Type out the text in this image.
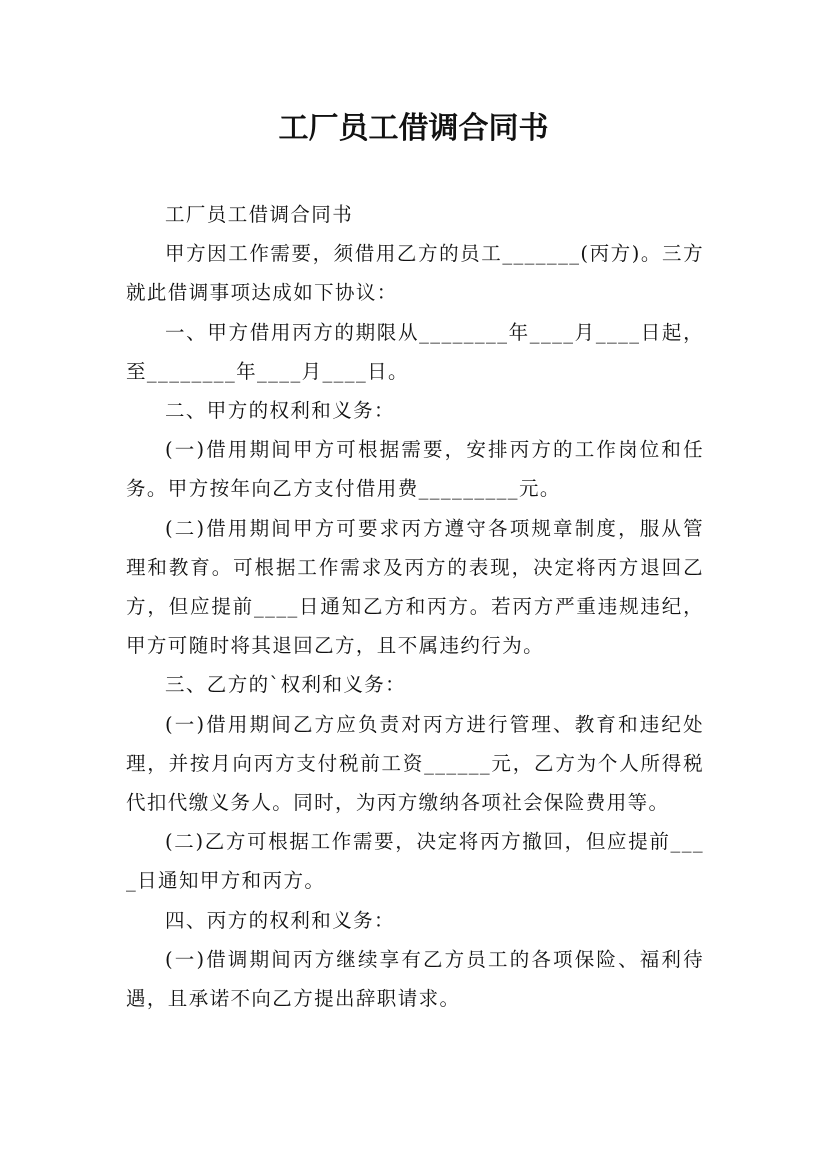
工厂员工借调合同书

工厂员工借调合同书

甲方因工作需要，须借用乙方的员工_______(丙方)。三方就此借调事项达成如下协议：

一、甲方借用丙方的期限从________年____月____日起，至________年____月____日。

二、甲方的权利和义务：

(一)借用期间甲方可根据需要，安排丙方的工作岗位和任务。甲方按年向乙方支付借用费_________元。

(二)借用期间甲方可要求丙方遵守各项规章制度，服从管理和教育。可根据工作需求及丙方的表现，决定将丙方退回乙方，但应提前____日通知乙方和丙方。若丙方严重违规违纪，甲方可随时将其退回乙方，且不属违约行为。

三、乙方的`权利和义务：

(一)借用期间乙方应负责对丙方进行管理、教育和违纪处理，并按月向丙方支付税前工资______元，乙方为个人所得税代扣代缴义务人。同时，为丙方缴纳各项社会保险费用等。

(二)乙方可根据工作需要，决定将丙方撤回，但应提前____日通知甲方和丙方。

四、丙方的权利和义务：

(一)借调期间丙方继续享有乙方员工的各项保险、福利待遇，且承诺不向乙方提出辞职请求。
